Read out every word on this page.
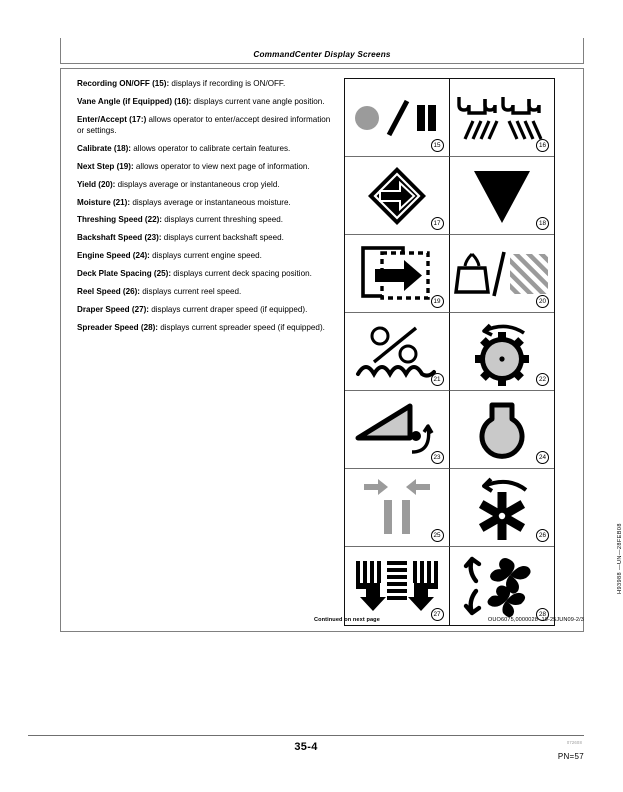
CommandCenter Display Screens
Recording ON/OFF (15): displays if recording is ON/OFF.
Vane Angle (if Equipped) (16): displays current vane angle position.
Enter/Accept (17:) allows operator to enter/accept desired information or settings.
Calibrate (18): allows operator to calibrate certain features.
Next Step (19): allows operator to view next page of information.
Yield (20): displays average or instantaneous crop yield.
Moisture (21): displays average or instantaneous moisture.
Threshing Speed (22): displays current threshing speed.
Backshaft Speed (23): displays current backshaft speed.
Engine Speed (24): displays current engine speed.
Deck Plate Spacing (25): displays current deck spacing position.
Reel Speed (26): displays current reel speed.
Draper Speed (27): displays current draper speed (if equipped).
Spreader Speed (28): displays current spreader speed (if equipped).
15	16
17	18
19	20
21	22
23	24
25	26
27	28
H93988 —UN—28FEB08
Continued on next page	OUO6075,0000028 -19-25JUN09-2/3
35-4	072608
PN=57
